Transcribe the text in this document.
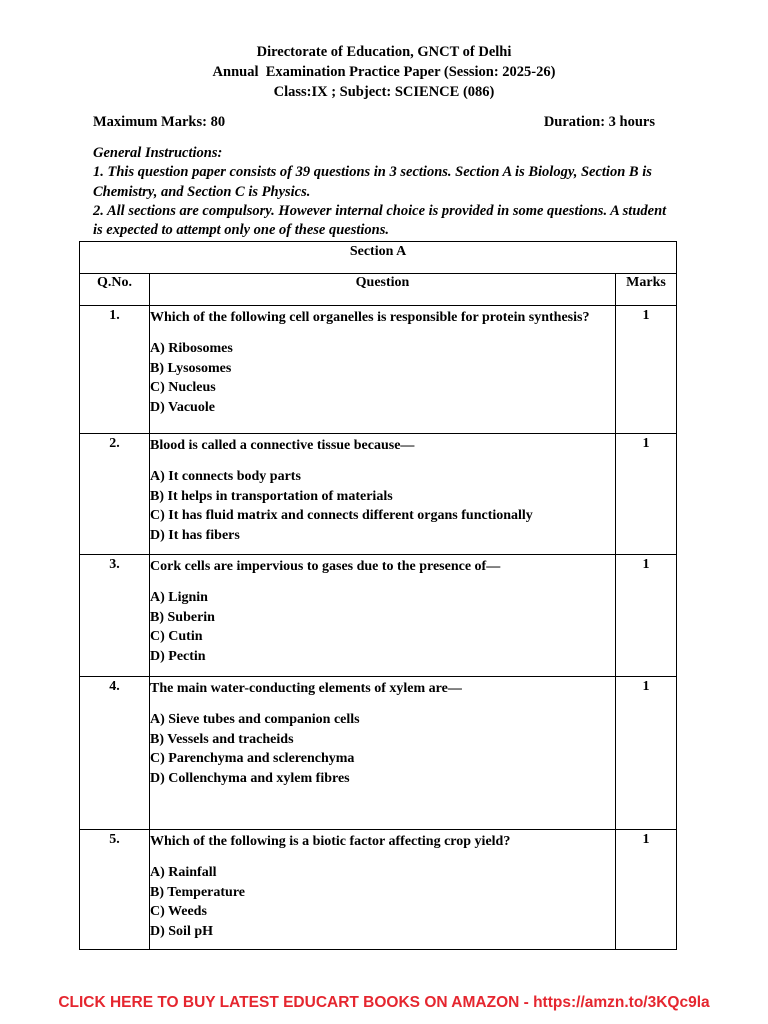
Directorate of Education, GNCT of Delhi
Annual  Examination Practice Paper (Session: 2025-26)
Class:IX ; Subject: SCIENCE (086)
Maximum Marks: 80	Duration: 3 hours

General Instructions:

1. This question paper consists of 39 questions in 3 sections. Section A is Biology, Section B is Chemistry, and Section C is Physics.

2. All sections are compulsory. However internal choice is provided in some questions. A student is expected to attempt only one of these questions.

Section A		
Q.No.	Question	Marks
1.	Which of the following cell organelles is responsible for protein synthesis?

A) Ribosomes

B) Lysosomes

C) Nucleus

D) Vacuole	1
2.	Blood is called a connective tissue because—

A) It connects body parts

B) It helps in transportation of materials

C) It has fluid matrix and connects different organs functionally

D) It has fibers	1
3.	Cork cells are impervious to gases due to the presence of—

A) Lignin

B) Suberin

C) Cutin

D) Pectin	1
4.	The main water-conducting elements of xylem are—

A) Sieve tubes and companion cells

B) Vessels and tracheids

C) Parenchyma and sclerenchyma

D) Collenchyma and xylem fibres	1
5.	Which of the following is a biotic factor affecting crop yield?

A) Rainfall

B) Temperature

C) Weeds

D) Soil pH	1
CLICK HERE TO BUY LATEST EDUCART BOOKS ON AMAZON - https://amzn.to/3KQc9la
